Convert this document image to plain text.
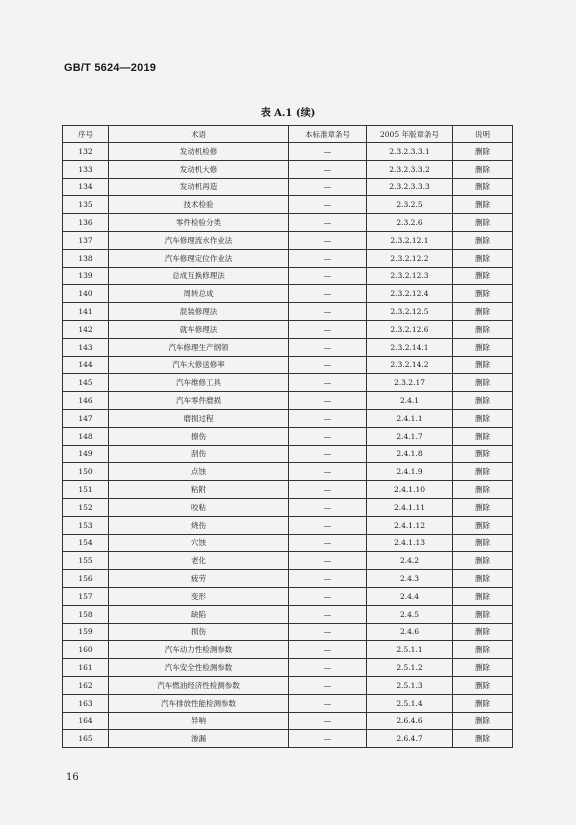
GB/T 5624—2019
表 A.1 (续)
序号	术语	本标准章条号	2005 年版章条号	说明
132	发动机检修	—	2.3.2.3.3.1	删除
133	发动机大修	—	2.3.2.3.3.2	删除
134	发动机再造	—	2.3.2.3.3.3	删除
135	技术检验	—	2.3.2.5	删除
136	零件检验分类	—	2.3.2.6	删除
137	汽车修理流水作业法	—	2.3.2.12.1	删除
138	汽车修理定位作业法	—	2.3.2.12.2	删除
139	总成互换修理法	—	2.3.2.12.3	删除
140	周转总成	—	2.3.2.12.4	删除
141	混装修理法	—	2.3.2.12.5	删除
142	就车修理法	—	2.3.2.12.6	删除
143	汽车修理生产纲领	—	2.3.2.14.1	删除
144	汽车大修送修率	—	2.3.2.14.2	删除
145	汽车维修工具	—	2.3.2.17	删除
146	汽车零件磨损	—	2.4.1	删除
147	磨损过程	—	2.4.1.1	删除
148	擦伤	—	2.4.1.7	删除
149	刮伤	—	2.4.1.8	删除
150	点蚀	—	2.4.1.9	删除
151	粘附	—	2.4.1.10	删除
152	咬粘	—	2.4.1.11	删除
153	烧伤	—	2.4.1.12	删除
154	穴蚀	—	2.4.1.13	删除
155	老化	—	2.4.2	删除
156	疲劳	—	2.4.3	删除
157	变形	—	2.4.4	删除
158	缺陷	—	2.4.5	删除
159	损伤	—	2.4.6	删除
160	汽车动力性检测参数	—	2.5.1.1	删除
161	汽车安全性检测参数	—	2.5.1.2	删除
162	汽车燃油经济性检测参数	—	2.5.1.3	删除
163	汽车排放性能检测参数	—	2.5.1.4	删除
164	异响	—	2.6.4.6	删除
165	渗漏	—	2.6.4.7	删除
16
